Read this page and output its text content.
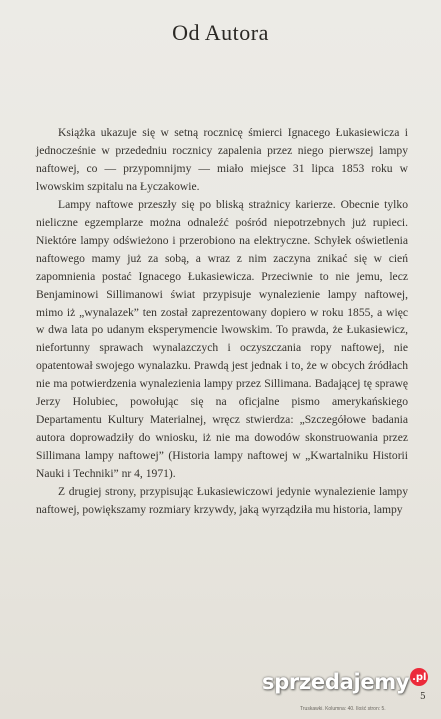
Od Autora

Książka ukazuje się w setną rocznicę śmierci Ignacego Łukasiewicza i jednocześnie w przededniu rocznicy zapalenia przez niego pierwszej lampy naftowej, co — przypomnijmy — miało miejsce 31 lipca 1853 roku w lwowskim szpitalu na Łyczakowie.

Lampy naftowe przeszły się po bliską strażnicy karierze. Obecnie tylko nieliczne egzemplarze można odnaleźć pośród niepotrzebnych już rupieci. Niektóre lampy odświeżono i przerobiono na elektryczne. Schyłek oświetlenia naftowego mamy już za sobą, a wraz z nim zaczyna znikać się w cień zapomnienia postać Ignacego Łukasiewicza. Przeciwnie to nie jemu, lecz Benjaminowi Sillimanowi świat przypisuje wynalezienie lampy naftowej, mimo iż „wynalazek” ten został zaprezentowany dopiero w roku 1855, a więc w dwa lata po udanym eksperymencie lwowskim. To prawda, że Łukasiewicz, niefortunny sprawach wynalazczych i oczyszczania ropy naftowej, nie opatentował swojego wynalazku. Prawdą jest jednak i to, że w obcych źródłach nie ma potwierdzenia wynalezienia lampy przez Sillimana. Badającej tę sprawę Jerzy Holubiec, powołując się na oficjalne pismo amerykańskiego Departamentu Kultury Materialnej, wręcz stwierdza: „Szczegółowe badania autora doprowadziły do wniosku, iż nie ma dowodów skonstruowania przez Sillimana lampy naftowej” (Historia lampy naftowej w „Kwartalniku Historii Nauki i Techniki” nr 4, 1971).

Z drugiej strony, przypisując Łukasiewiczowi jedynie wynalezienie lampy naftowej, powiększamy rozmiary krzywdy, jaką wyrządziła mu historia, lampy

5
Truskawki. Kolumna: 40. Ilość stron: 5.
sprzedajemy .pl
